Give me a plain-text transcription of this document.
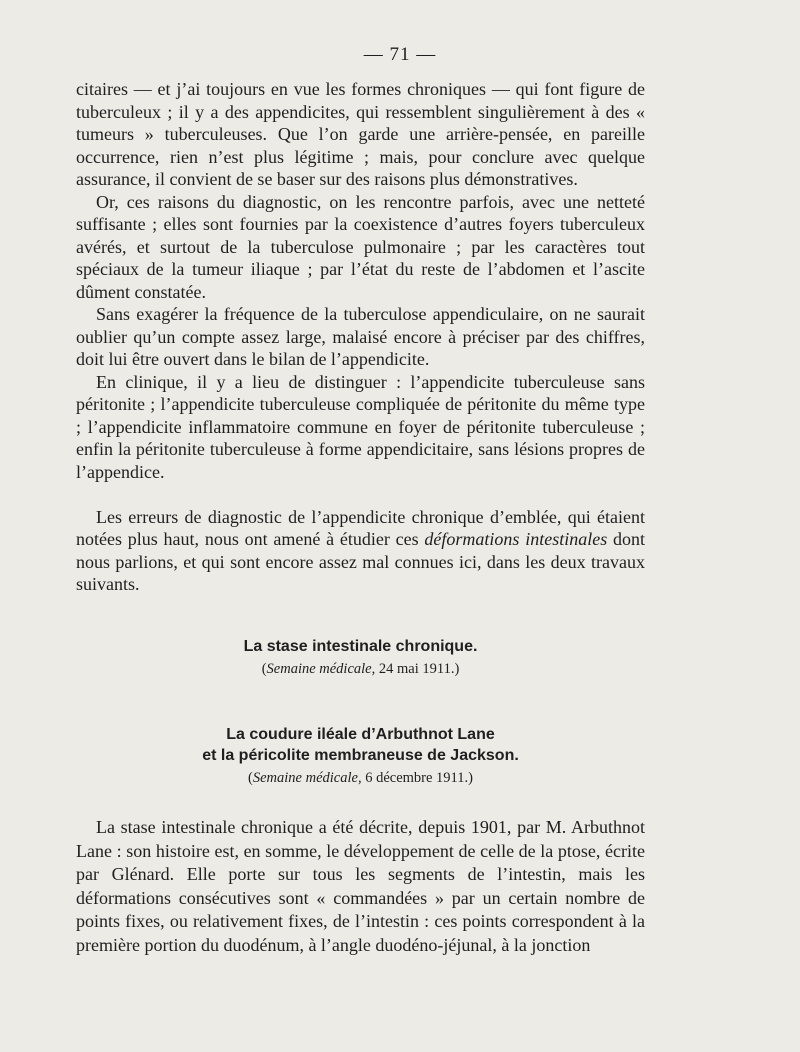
— 71 —

citaires — et j’ai toujours en vue les formes chroniques — qui font figure de tuberculeux ; il y a des appendicites, qui ressemblent singulièrement à des « tumeurs » tuberculeuses. Que l’on garde une arrière-pensée, en pareille occurrence, rien n’est plus légitime ; mais, pour conclure avec quelque assurance, il convient de se baser sur des raisons plus démonstratives.

Or, ces raisons du diagnostic, on les rencontre parfois, avec une netteté suffisante ; elles sont fournies par la coexistence d’autres foyers tuberculeux avérés, et surtout de la tuberculose pulmonaire ; par les caractères tout spéciaux de la tumeur iliaque ; par l’état du reste de l’abdomen et l’ascite dûment constatée.

Sans exagérer la fréquence de la tuberculose appendiculaire, on ne saurait oublier qu’un compte assez large, malaisé encore à préciser par des chiffres, doit lui être ouvert dans le bilan de l’appendicite.

En clinique, il y a lieu de distinguer : l’appendicite tuberculeuse sans péritonite ; l’appendicite tuberculeuse compliquée de péritonite du même type ; l’appendicite inflammatoire commune en foyer de péritonite tuberculeuse ; enfin la péritonite tuberculeuse à forme appendicitaire, sans lésions propres de l’appendice.

Les erreurs de diagnostic de l’appendicite chronique d’emblée, qui étaient notées plus haut, nous ont amené à étudier ces déformations intestinales dont nous parlions, et qui sont encore assez mal connues ici, dans les deux travaux suivants.

La stase intestinale chronique.
(Semaine médicale, 24 mai 1911.)
La coudure iléale d’Arbuthnot Lane
et la péricolite membraneuse de Jackson.
(Semaine médicale, 6 décembre 1911.)

La stase intestinale chronique a été décrite, depuis 1901, par M. Arbuthnot Lane : son histoire est, en somme, le développement de celle de la ptose, écrite par Glénard. Elle porte sur tous les segments de l’intestin, mais les déformations consécutives sont « commandées » par un certain nombre de points fixes, ou relativement fixes, de l’intestin : ces points correspondent à la première portion du duodénum, à l’angle duodéno-jéjunal, à la jonction
